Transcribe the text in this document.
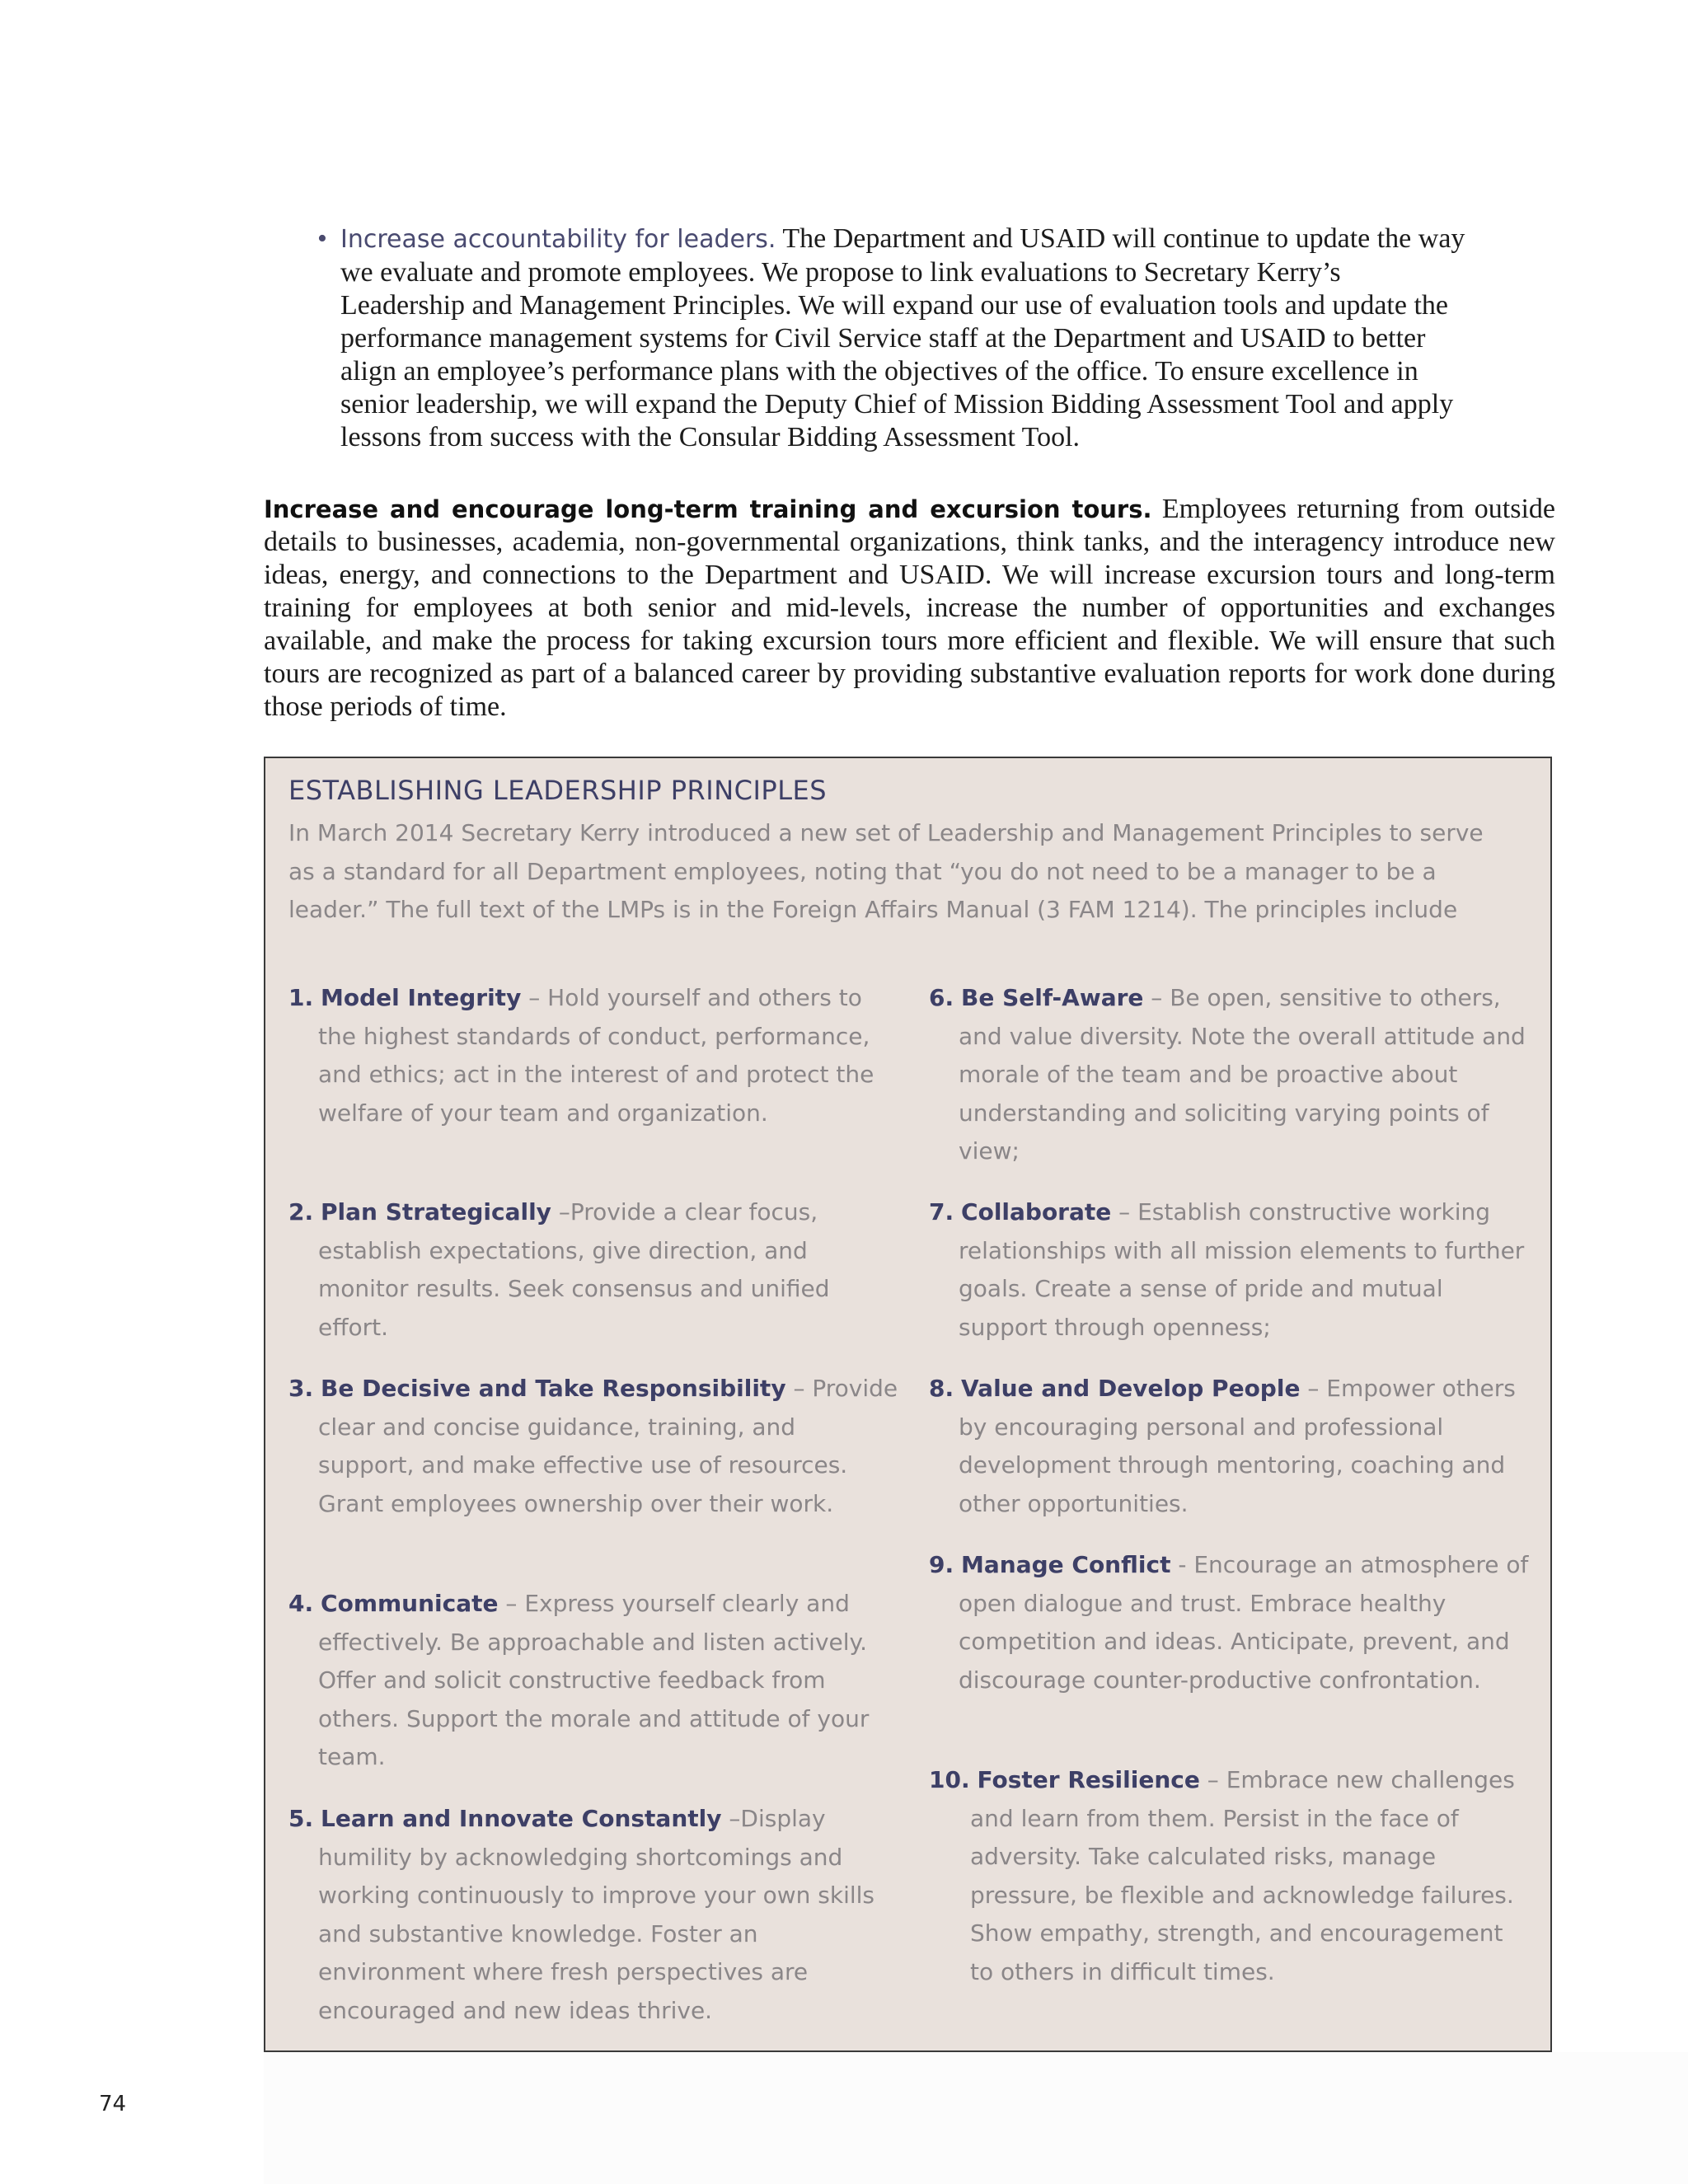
• Increase accountability for leaders. The Department and USAID will continue to update the way we evaluate and promote employees. We propose to link evaluations to Secretary Kerry’s Leadership and Management Principles. We will expand our use of evaluation tools and update the performance management systems for Civil Service staff at the Department and USAID to better align an employee’s performance plans with the objectives of the office. To ensure excellence in senior leadership, we will expand the Deputy Chief of Mission Bidding Assessment Tool and apply lessons from success with the Consular Bidding Assessment Tool.
Increase and encourage long-term training and excursion tours. Employees returning from outside details to businesses, academia, non-governmental organizations, think tanks, and the interagency introduce new ideas, energy, and connections to the Department and USAID. We will increase excursion tours and long-term training for employees at both senior and mid-levels, increase the number of opportunities and exchanges available, and make the process for taking excursion tours more efficient and flexible. We will ensure that such tours are recognized as part of a balanced career by providing substantive evaluation reports for work done during those periods of time.
ESTABLISHING LEADERSHIP PRINCIPLES
In March 2014 Secretary Kerry introduced a new set of Leadership and Management Principles to serve as a standard for all Department employees, noting that “you do not need to be a manager to be a leader.” The full text of the LMPs is in the Foreign Affairs Manual (3 FAM 1214). The principles include
1. Model Integrity – Hold yourself and others to the highest standards of conduct, performance, and ethics; act in the interest of and protect the welfare of your team and organization.
2. Plan Strategically –Provide a clear focus, establish expectations, give direction, and monitor results. Seek consensus and unified effort.
3. Be Decisive and Take Responsibility – Provide clear and concise guidance, training, and support, and make effective use of resources. Grant employees ownership over their work.
4. Communicate – Express yourself clearly and effectively. Be approachable and listen actively. Offer and solicit constructive feedback from others. Support the morale and attitude of your team.
5. Learn and Innovate Constantly –Display humility by acknowledging shortcomings and working continuously to improve your own skills and substantive knowledge. Foster an environment where fresh perspectives are encouraged and new ideas thrive.
6. Be Self-Aware – Be open, sensitive to others, and value diversity. Note the overall attitude and morale of the team and be proactive about understanding and soliciting varying points of view;
7. Collaborate – Establish constructive working relationships with all mission elements to further goals. Create a sense of pride and mutual support through openness;
8. Value and Develop People – Empower others by encouraging personal and professional development through mentoring, coaching and other opportunities.
9. Manage Conflict - Encourage an atmosphere of open dialogue and trust. Embrace healthy competition and ideas. Anticipate, prevent, and discourage counter-productive confrontation.
10. Foster Resilience – Embrace new challenges and learn from them. Persist in the face of adversity. Take calculated risks, manage pressure, be flexible and acknowledge failures. Show empathy, strength, and encouragement to others in difficult times.
74
